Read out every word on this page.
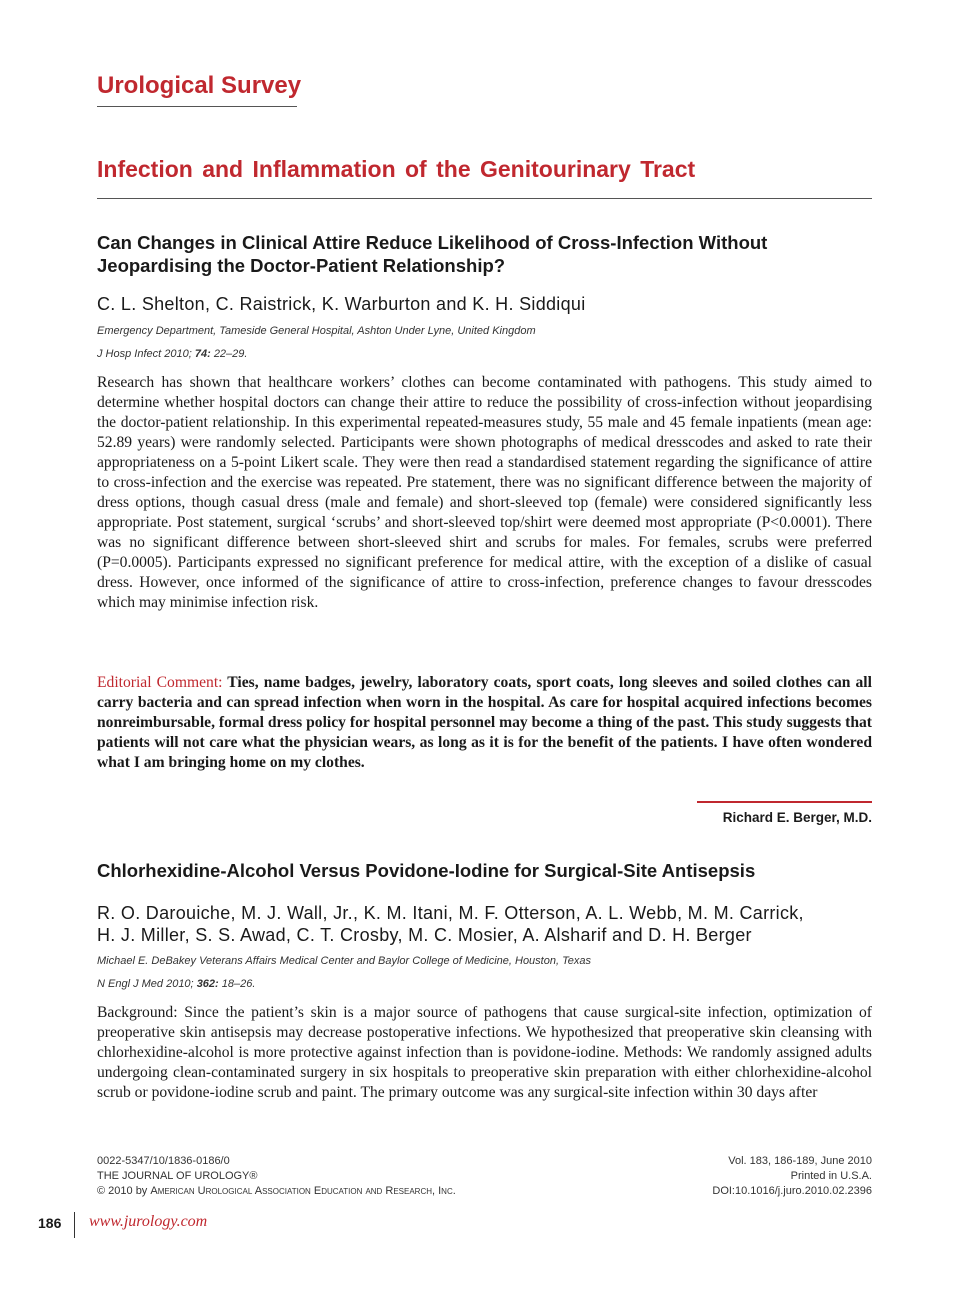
Urological Survey
Infection and Inflammation of the Genitourinary Tract
Can Changes in Clinical Attire Reduce Likelihood of Cross-Infection Without
Jeopardising the Doctor-Patient Relationship?
C. L. Shelton, C. Raistrick, K. Warburton and K. H. Siddiqui
Emergency Department, Tameside General Hospital, Ashton Under Lyne, United Kingdom
J Hosp Infect 2010; 74: 22–29.

Research has shown that healthcare workers’ clothes can become contaminated with pathogens. This study aimed to determine whether hospital doctors can change their attire to reduce the possibility of cross-infection without jeopardising the doctor-patient relationship. In this experimental repeated-measures study, 55 male and 45 female inpatients (mean age: 52.89 years) were randomly selected. Participants were shown photographs of medical dresscodes and asked to rate their appropriateness on a 5-point Likert scale. They were then read a standardised statement regarding the significance of attire to cross-infection and the exercise was repeated. Pre statement, there was no significant difference between the majority of dress options, though casual dress (male and female) and short-sleeved top (female) were considered significantly less appropriate. Post statement, surgical ‘scrubs’ and short-sleeved top/shirt were deemed most appropriate (P<0.0001). There was no significant difference between short-sleeved shirt and scrubs for males. For females, scrubs were preferred (P=0.0005). Participants expressed no significant preference for medical attire, with the exception of a dislike of casual dress. However, once informed of the significance of attire to cross-infection, preference changes to favour dresscodes which may minimise infection risk.

Editorial Comment: Ties, name badges, jewelry, laboratory coats, sport coats, long sleeves and soiled clothes can all carry bacteria and can spread infection when worn in the hospital. As care for hospital acquired infections becomes nonreimbursable, formal dress policy for hospital personnel may become a thing of the past. This study suggests that patients will not care what the physician wears, as long as it is for the benefit of the patients. I have often wondered what I am bringing home on my clothes.

Richard E. Berger, M.D.
Chlorhexidine-Alcohol Versus Povidone-Iodine for Surgical-Site Antisepsis
R. O. Darouiche, M. J. Wall, Jr., K. M. Itani, M. F. Otterson, A. L. Webb, M. M. Carrick,
H. J. Miller, S. S. Awad, C. T. Crosby, M. C. Mosier, A. Alsharif and D. H. Berger
Michael E. DeBakey Veterans Affairs Medical Center and Baylor College of Medicine, Houston, Texas
N Engl J Med 2010; 362: 18–26.

Background: Since the patient’s skin is a major source of pathogens that cause surgical-site infection, optimization of preoperative skin antisepsis may decrease postoperative infections. We hypothesized that preoperative skin cleansing with chlorhexidine-alcohol is more protective against infection than is povidone-iodine. Methods: We randomly assigned adults undergoing clean-contaminated surgery in six hospitals to preoperative skin preparation with either chlorhexidine-alcohol scrub or povidone-iodine scrub and paint. The primary outcome was any surgical-site infection within 30 days after

0022-5347/10/1836-0186/0
THE JOURNAL OF UROLOGY®
© 2010 by American Urological Association Education and Research, Inc.
Vol. 183, 186-189, June 2010
Printed in U.S.A.
DOI:10.1016/j.juro.2010.02.2396
186 www.jurology.com
